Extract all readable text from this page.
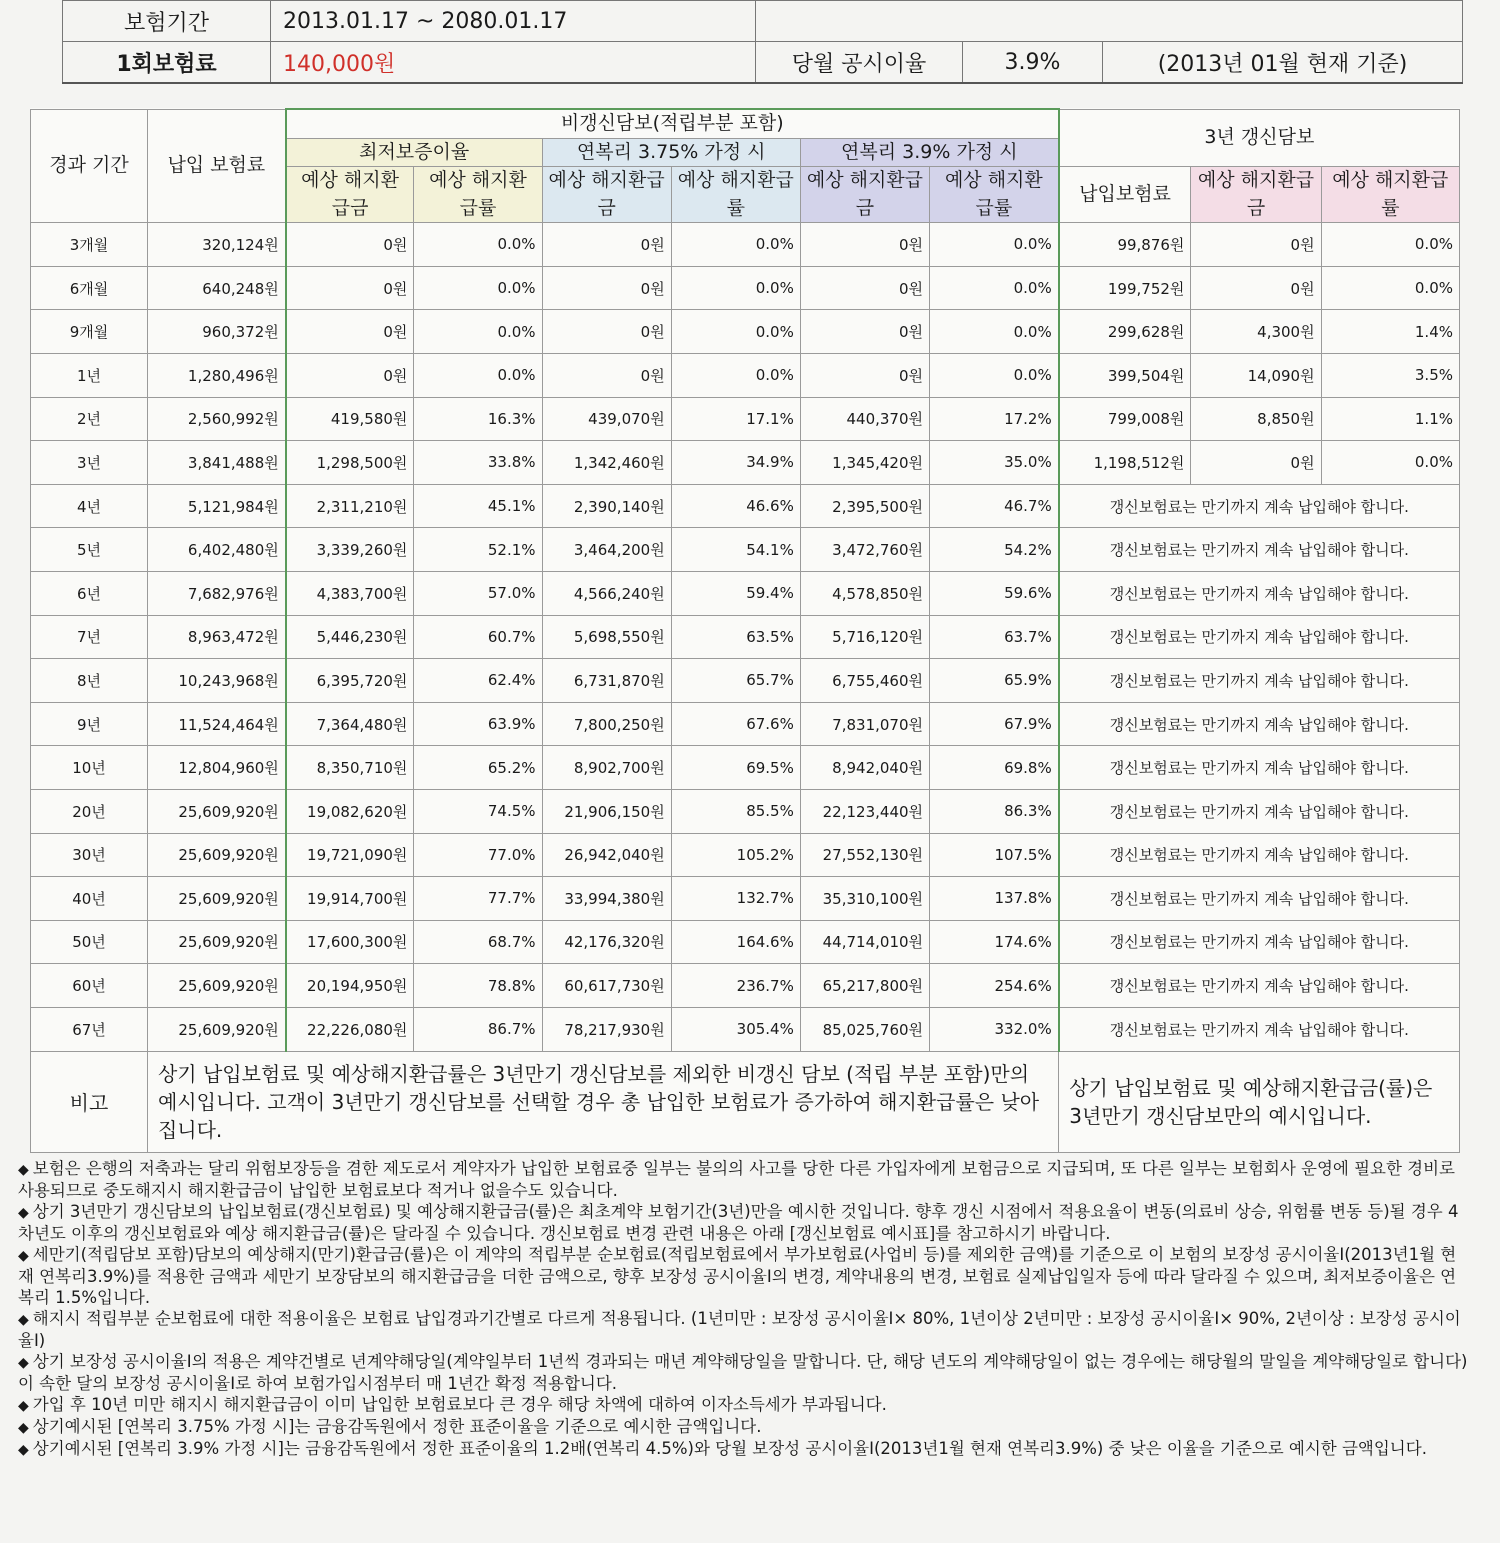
보험기간	2013.01.17 ~ 2080.01.17			
1회보험료	140,000원	당월 공시이율	3.9%	(2013년 01월 현재 기준)
경과 기간	납입 보험료	비갱신담보(적립부분 포함)						3년 갱신담보		
		최저보증이율		연복리 3.75% 가정 시		연복리 3.9% 가정 시				
		예상 해지환급금	예상 해지환급률	예상 해지환급금	예상 해지환급률	예상 해지환급금	예상 해지환급률	납입보험료	예상 해지환급금	예상 해지환급률
3개월	320,124원	0원	0.0%	0원	0.0%	0원	0.0%	99,876원	0원	0.0%
6개월	640,248원	0원	0.0%	0원	0.0%	0원	0.0%	199,752원	0원	0.0%
9개월	960,372원	0원	0.0%	0원	0.0%	0원	0.0%	299,628원	4,300원	1.4%
1년	1,280,496원	0원	0.0%	0원	0.0%	0원	0.0%	399,504원	14,090원	3.5%
2년	2,560,992원	419,580원	16.3%	439,070원	17.1%	440,370원	17.2%	799,008원	8,850원	1.1%
3년	3,841,488원	1,298,500원	33.8%	1,342,460원	34.9%	1,345,420원	35.0%	1,198,512원	0원	0.0%
4년	5,121,984원	2,311,210원	45.1%	2,390,140원	46.6%	2,395,500원	46.7%	갱신보험료는 만기까지 계속 납입해야 합니다.		
5년	6,402,480원	3,339,260원	52.1%	3,464,200원	54.1%	3,472,760원	54.2%	갱신보험료는 만기까지 계속 납입해야 합니다.		
6년	7,682,976원	4,383,700원	57.0%	4,566,240원	59.4%	4,578,850원	59.6%	갱신보험료는 만기까지 계속 납입해야 합니다.		
7년	8,963,472원	5,446,230원	60.7%	5,698,550원	63.5%	5,716,120원	63.7%	갱신보험료는 만기까지 계속 납입해야 합니다.		
8년	10,243,968원	6,395,720원	62.4%	6,731,870원	65.7%	6,755,460원	65.9%	갱신보험료는 만기까지 계속 납입해야 합니다.		
9년	11,524,464원	7,364,480원	63.9%	7,800,250원	67.6%	7,831,070원	67.9%	갱신보험료는 만기까지 계속 납입해야 합니다.		
10년	12,804,960원	8,350,710원	65.2%	8,902,700원	69.5%	8,942,040원	69.8%	갱신보험료는 만기까지 계속 납입해야 합니다.		
20년	25,609,920원	19,082,620원	74.5%	21,906,150원	85.5%	22,123,440원	86.3%	갱신보험료는 만기까지 계속 납입해야 합니다.		
30년	25,609,920원	19,721,090원	77.0%	26,942,040원	105.2%	27,552,130원	107.5%	갱신보험료는 만기까지 계속 납입해야 합니다.		
40년	25,609,920원	19,914,700원	77.7%	33,994,380원	132.7%	35,310,100원	137.8%	갱신보험료는 만기까지 계속 납입해야 합니다.		
50년	25,609,920원	17,600,300원	68.7%	42,176,320원	164.6%	44,714,010원	174.6%	갱신보험료는 만기까지 계속 납입해야 합니다.		
60년	25,609,920원	20,194,950원	78.8%	60,617,730원	236.7%	65,217,800원	254.6%	갱신보험료는 만기까지 계속 납입해야 합니다.		
67년	25,609,920원	22,226,080원	86.7%	78,217,930원	305.4%	85,025,760원	332.0%	갱신보험료는 만기까지 계속 납입해야 합니다.		
비고	상기 납입보험료 및 예상해지환급률은 3년만기 갱신담보를 제외한 비갱신 담보 (적립 부분 포함)만의 예시입니다. 고객이 3년만기 갱신담보를 선택할 경우 총 납입한 보험료가 증가하여 해지환급률은 낮아집니다.							상기 납입보험료 및 예상해지환급금(률)은 3년만기 갱신담보만의 예시입니다.		
◆ 보험은 은행의 저축과는 달리 위험보장등을 겸한 제도로서 계약자가 납입한 보험료중 일부는 불의의 사고를 당한 다른 가입자에게 보험금으로 지급되며, 또 다른 일부는 보험회사 운영에 필요한 경비로 사용되므로 중도해지시 해지환급금이 납입한 보험료보다 적거나 없을수도 있습니다.
◆ 상기 3년만기 갱신담보의 납입보험료(갱신보험료) 및 예상해지환급금(률)은 최초계약 보험기간(3년)만을 예시한 것입니다. 향후 갱신 시점에서 적용요율이 변동(의료비 상승, 위험률 변동 등)될 경우 4차년도 이후의 갱신보험료와 예상 해지환급금(률)은 달라질 수 있습니다. 갱신보험료 변경 관련 내용은 아래 [갱신보험료 예시표]를 참고하시기 바랍니다.
◆ 세만기(적립담보 포함)담보의 예상해지(만기)환급금(률)은 이 계약의 적립부분 순보험료(적립보험료에서 부가보험료(사업비 등)를 제외한 금액)를 기준으로 이 보험의 보장성 공시이율Ⅰ(2013년1월 현재 연복리3.9%)를 적용한 금액과 세만기 보장담보의 해지환급금을 더한 금액으로, 향후 보장성 공시이율Ⅰ의 변경, 계약내용의 변경, 보험료 실제납입일자 등에 따라 달라질 수 있으며, 최저보증이율은 연복리 1.5%입니다.
◆ 해지시 적립부분 순보험료에 대한 적용이율은 보험료 납입경과기간별로 다르게 적용됩니다. (1년미만 : 보장성 공시이율Ⅰ× 80%, 1년이상 2년미만 : 보장성 공시이율Ⅰ× 90%, 2년이상 : 보장성 공시이율Ⅰ)
◆ 상기 보장성 공시이율Ⅰ의 적용은 계약건별로 년계약해당일(계약일부터 1년씩 경과되는 매년 계약해당일을 말합니다. 단, 해당 년도의 계약해당일이 없는 경우에는 해당월의 말일을 계약해당일로 합니다)이 속한 달의 보장성 공시이율Ⅰ로 하여 보험가입시점부터 매 1년간 확정 적용합니다.
◆ 가입 후 10년 미만 해지시 해지환급금이 이미 납입한 보험료보다 큰 경우 해당 차액에 대하여 이자소득세가 부과됩니다.
◆ 상기예시된 [연복리 3.75% 가정 시]는 금융감독원에서 정한 표준이율을 기준으로 예시한 금액입니다.
◆ 상기예시된 [연복리 3.9% 가정 시]는 금융감독원에서 정한 표준이율의 1.2배(연복리 4.5%)와 당월 보장성 공시이율Ⅰ(2013년1월 현재 연복리3.9%) 중 낮은 이율을 기준으로 예시한 금액입니다.
